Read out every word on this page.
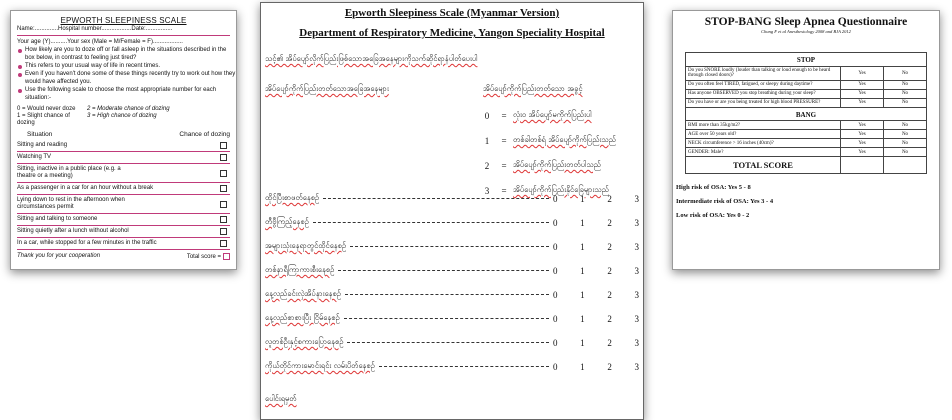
EPWORTH SLEEPINESS SCALE
Name:..............Hospital number..................Date:................
Your age (Y)..........Your sex (Male = M/Female = F)..................
How likely are you to doze off or fall asleep in the situations described in the box below, in contrast to feeling just tired?
This refers to your usual way of life in recent times.
Even if you haven't done some of these things recently try to work out how they would have affected you.
Use the following scale to choose the most appropriate number for each situation:-
0 = Would never doze	2 = Moderate chance of dozing
1 = Slight chance of dozing
3 = High chance of dozing
Situation	Chance of dozing
Sitting and reading
Watching TV
Sitting, inactive in a public place (e.g. a theatre or a meeting)
As a passenger in a car for an hour without a break
Lying down to rest in the afternoon when circumstances permit
Sitting and talking to someone
Sitting quietly after a lunch without alcohol
In a car, while stopped for a few minutes in the traffic
Thank you for your cooperation	Total score =
Epworth Sleepiness Scale (Myanmar Version)
Department of Respiratory Medicine, Yangon Speciality Hospital
သင့်၏ အိပ်ပျော်လိုက်ပြည်းဖြစ်သောအခြေအနေများကိုသက်ဆိုင်ရာနံပါတ်ပေးပါ
အိပ်ပျော်ကိုက်ပြည်းတတ်သောအခြေအနေများ	အိပ်ပျော်ကိုက်ပြည်းတတ်သော အခွင့်
0	= လုံးဝ အိပ်ပျော်မကိုက်ပြည်းပါ
1	= တစ်ခါတစ်ရံ အိပ်ပျော်ကိုက်ပြည်းသည်
2	= အိပ်ပျော်ကိုက်ပြည်းတတ်ပါသည်
3	= အိပ်ပျော်ကိုက်ပြည်းနိုင်ခြေများသည်
ထိုင်ပြီးစာဖတ်နေစဉ်	0	1	2	3
တီဗွီကြည့်နေစဉ်	0	1	2	3
အများသုံးနေရာတွင်ထိုင်နေစဉ်	0	1	2	3
တစ်နာရီကြာကားစီးနေစဉ်	0	1	2	3
နေ့လည်ခင်းလှဲအိပ်နားနေစဉ်	0	1	2	3
နေ့လည်စာစားပြီး ငြိမ်နေစဉ်	0	1	2	3
လူတစ်ဦးနှင့်စကားပြောနေစဉ်	0	1	2	3
ကိုယ်တိုင်ကားမောင်းရင်း လမ်းပိတ်နေစဉ်	0	1	2	3
ပေါင်းရမှတ်
STOP-BANG Sleep Apnea Questionnaire
Chung F et al Anesthesiology 2008 and BJA 2012
STOP		
Do you SNORE loudly (louder than talking or loud enough to be heard through closed doors)?	Yes	No
Do you often feel TIRED, fatigued, or sleepy during daytime?	Yes	No
Has anyone OBSERVED you stop breathing during your sleep?	Yes	No
Do you have or are you being treated for high blood PRESSURE?	Yes	No
BANG		
BMI more than 35kg/m2?	Yes	No
AGE over 50 years old?	Yes	No
NECK circumference > 16 inches (40cm)?	Yes	No
GENDER: Male?	Yes	No
TOTAL SCORE		
High risk of OSA: Yes 5 - 8
Intermediate risk of OSA: Yes 3 - 4
Low risk of OSA: Yes 0 - 2
